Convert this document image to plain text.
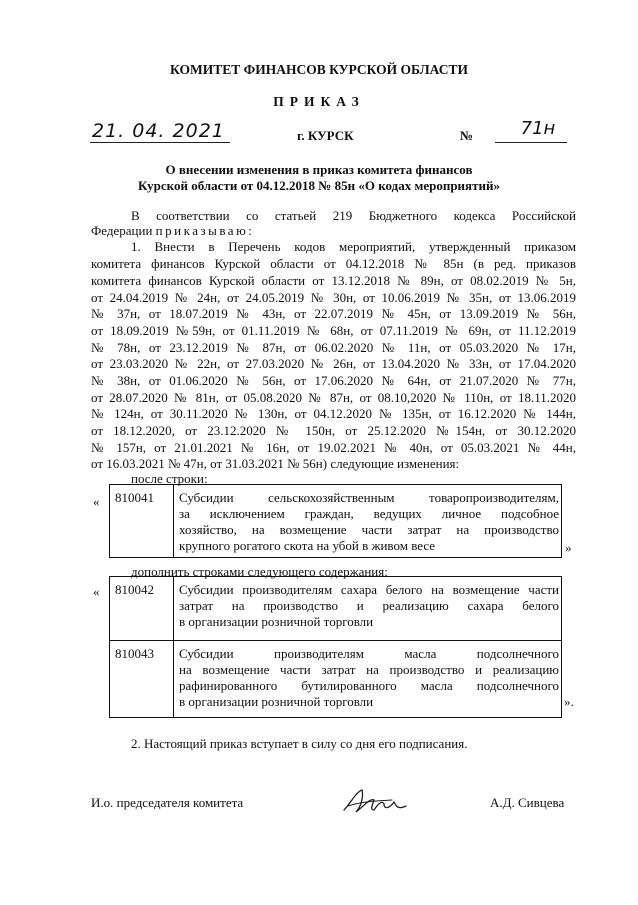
КОМИТЕТ ФИНАНСОВ КУРСКОЙ ОБЛАСТИ
ПРИКАЗ
21. 04. 2021	г. КУРСК	№	71н
О внесении изменения в приказ комитета финансов
Курской области от 04.12.2018 № 85н «О кодах мероприятий»
В соответствии со статьей 219 Бюджетного кодекса Российской
Федерации приказываю:
1. Внести в Перечень кодов мероприятий, утвержденный приказом
комитета финансов Курской области от 04.12.2018 № 85н (в ред. приказов
комитета финансов Курской области от 13.12.2018 № 89н, от 08.02.2019 № 5н,
от 24.04.2019 № 24н, от 24.05.2019 № 30н, от 10.06.2019 № 35н, от 13.06.2019
№ 37н, от 18.07.2019 № 43н, от 22.07.2019 № 45н, от 13.09.2019 № 56н,
от 18.09.2019 №59н, от 01.11.2019 № 68н, от 07.11.2019 № 69н, от 11.12.2019
№ 78н, от 23.12.2019 № 87н, от 06.02.2020 № 11н, от 05.03.2020 № 17н,
от 23.03.2020 № 22н, от 27.03.2020 № 26н, от 13.04.2020 № 33н, от 17.04.2020
№ 38н, от 01.06.2020 № 56н, от 17.06.2020 № 64н, от 21.07.2020 № 77н,
от 28.07.2020 № 81н, от 05.08.2020 № 87н, от 08.10,2020 № 110н, от 18.11.2020
№ 124н, от 30.11.2020 № 130н, от 04.12.2020 № 135н, от 16.12.2020 № 144н,
от 18.12.2020, от 23.12.2020 № 150н, от 25.12.2020 №154н, от 30.12.2020
№ 157н, от 21.01.2021 № 16н, от 19.02.2021 № 40н, от 05.03.2021 № 44н,
от 16.03.2021 № 47н, от 31.03.2021 № 56н) следующие изменения:
после строки:
дополнить строками следующего содержания:
2. Настоящий приказ вступает в силу со дня его подписания.
« 810041 Субсидии сельскохозяйственным товаропроизводителям,
за исключением граждан, ведущих личное подсобное
хозяйство, на возмещение части затрат на производство
крупного рогатого скота на убой в живом весе	»
« 810042 Субсидии производителям сахара белого на возмещение части
затрат на производство и реализацию сахара белого
в организации розничной торговли
810043 Субсидии производителям масла подсолнечного
на возмещение части затрат на производство и реализацию
рафинированного бутилированного масла подсолнечного
в организации розничной торговли	».
И.о. председателя комитета	А.Д. Сивцева
